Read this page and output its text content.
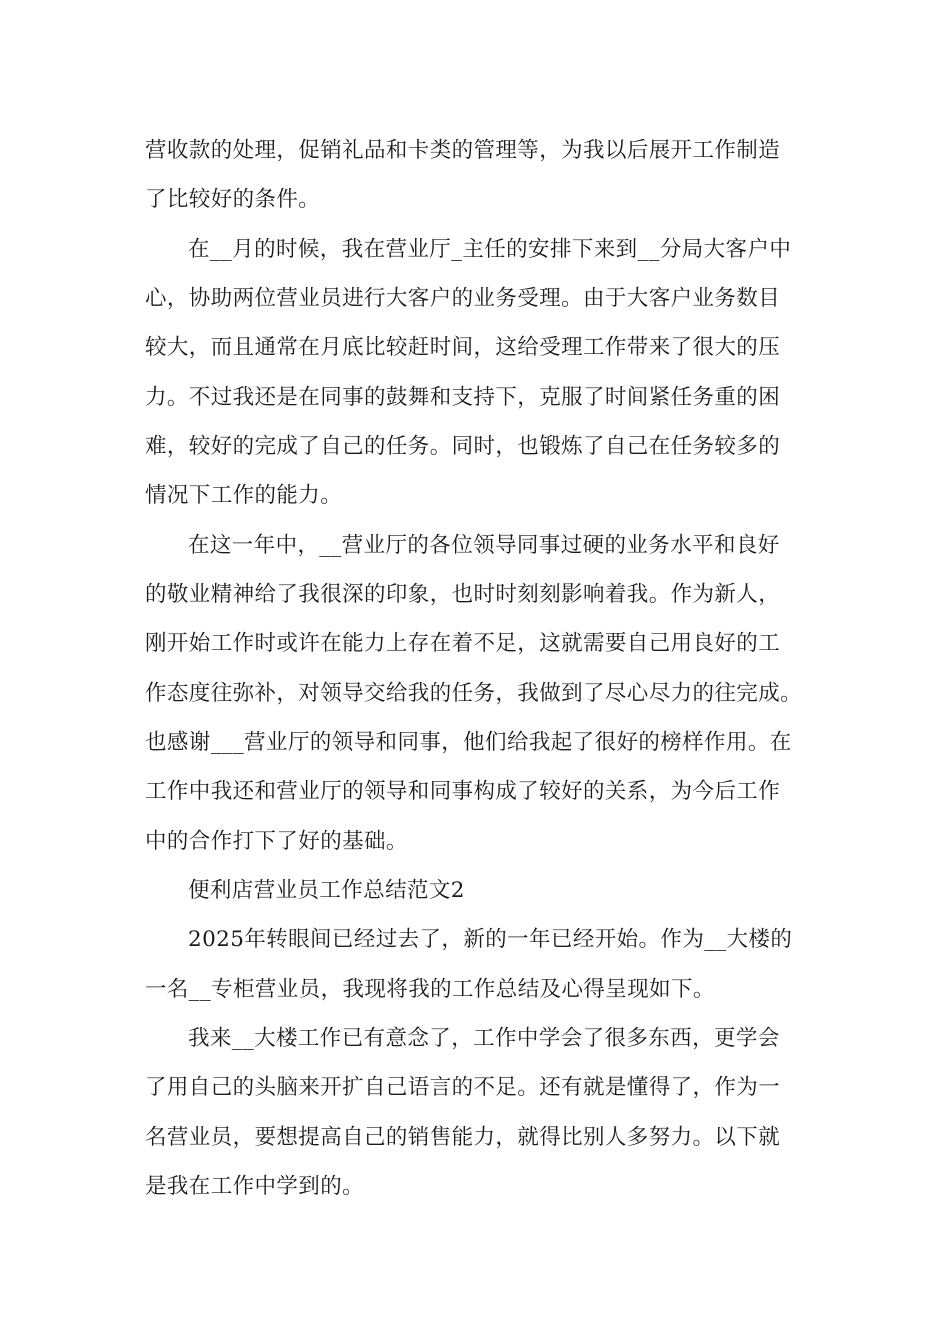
营收款的处理，促销礼品和卡类的管理等，为我以后展开工作制造
了比较好的条件。
在__月的时候，我在营业厅_主任的安排下来到__分局大客户中
心，协助两位营业员进行大客户的业务受理。由于大客户业务数目
较大，而且通常在月底比较赶时间，这给受理工作带来了很大的压
力。不过我还是在同事的鼓舞和支持下，克服了时间紧任务重的困
难，较好的完成了自己的任务。同时，也锻炼了自己在任务较多的
情况下工作的能力。
在这一年中，__营业厅的各位领导同事过硬的业务水平和良好
的敬业精神给了我很深的印象，也时时刻刻影响着我。作为新人，
刚开始工作时或许在能力上存在着不足，这就需要自己用良好的工
作态度往弥补，对领导交给我的任务，我做到了尽心尽力的往完成。
也感谢___营业厅的领导和同事，他们给我起了很好的榜样作用。在
工作中我还和营业厅的领导和同事构成了较好的关系，为今后工作
中的合作打下了好的基础。
便利店营业员工作总结范文2
2025年转眼间已经过去了，新的一年已经开始。作为__大楼的
一名__专柜营业员，我现将我的工作总结及心得呈现如下。
我来__大楼工作已有意念了，工作中学会了很多东西，更学会
了用自己的头脑来开扩自己语言的不足。还有就是懂得了，作为一
名营业员，要想提高自己的销售能力，就得比别人多努力。以下就
是我在工作中学到的。
